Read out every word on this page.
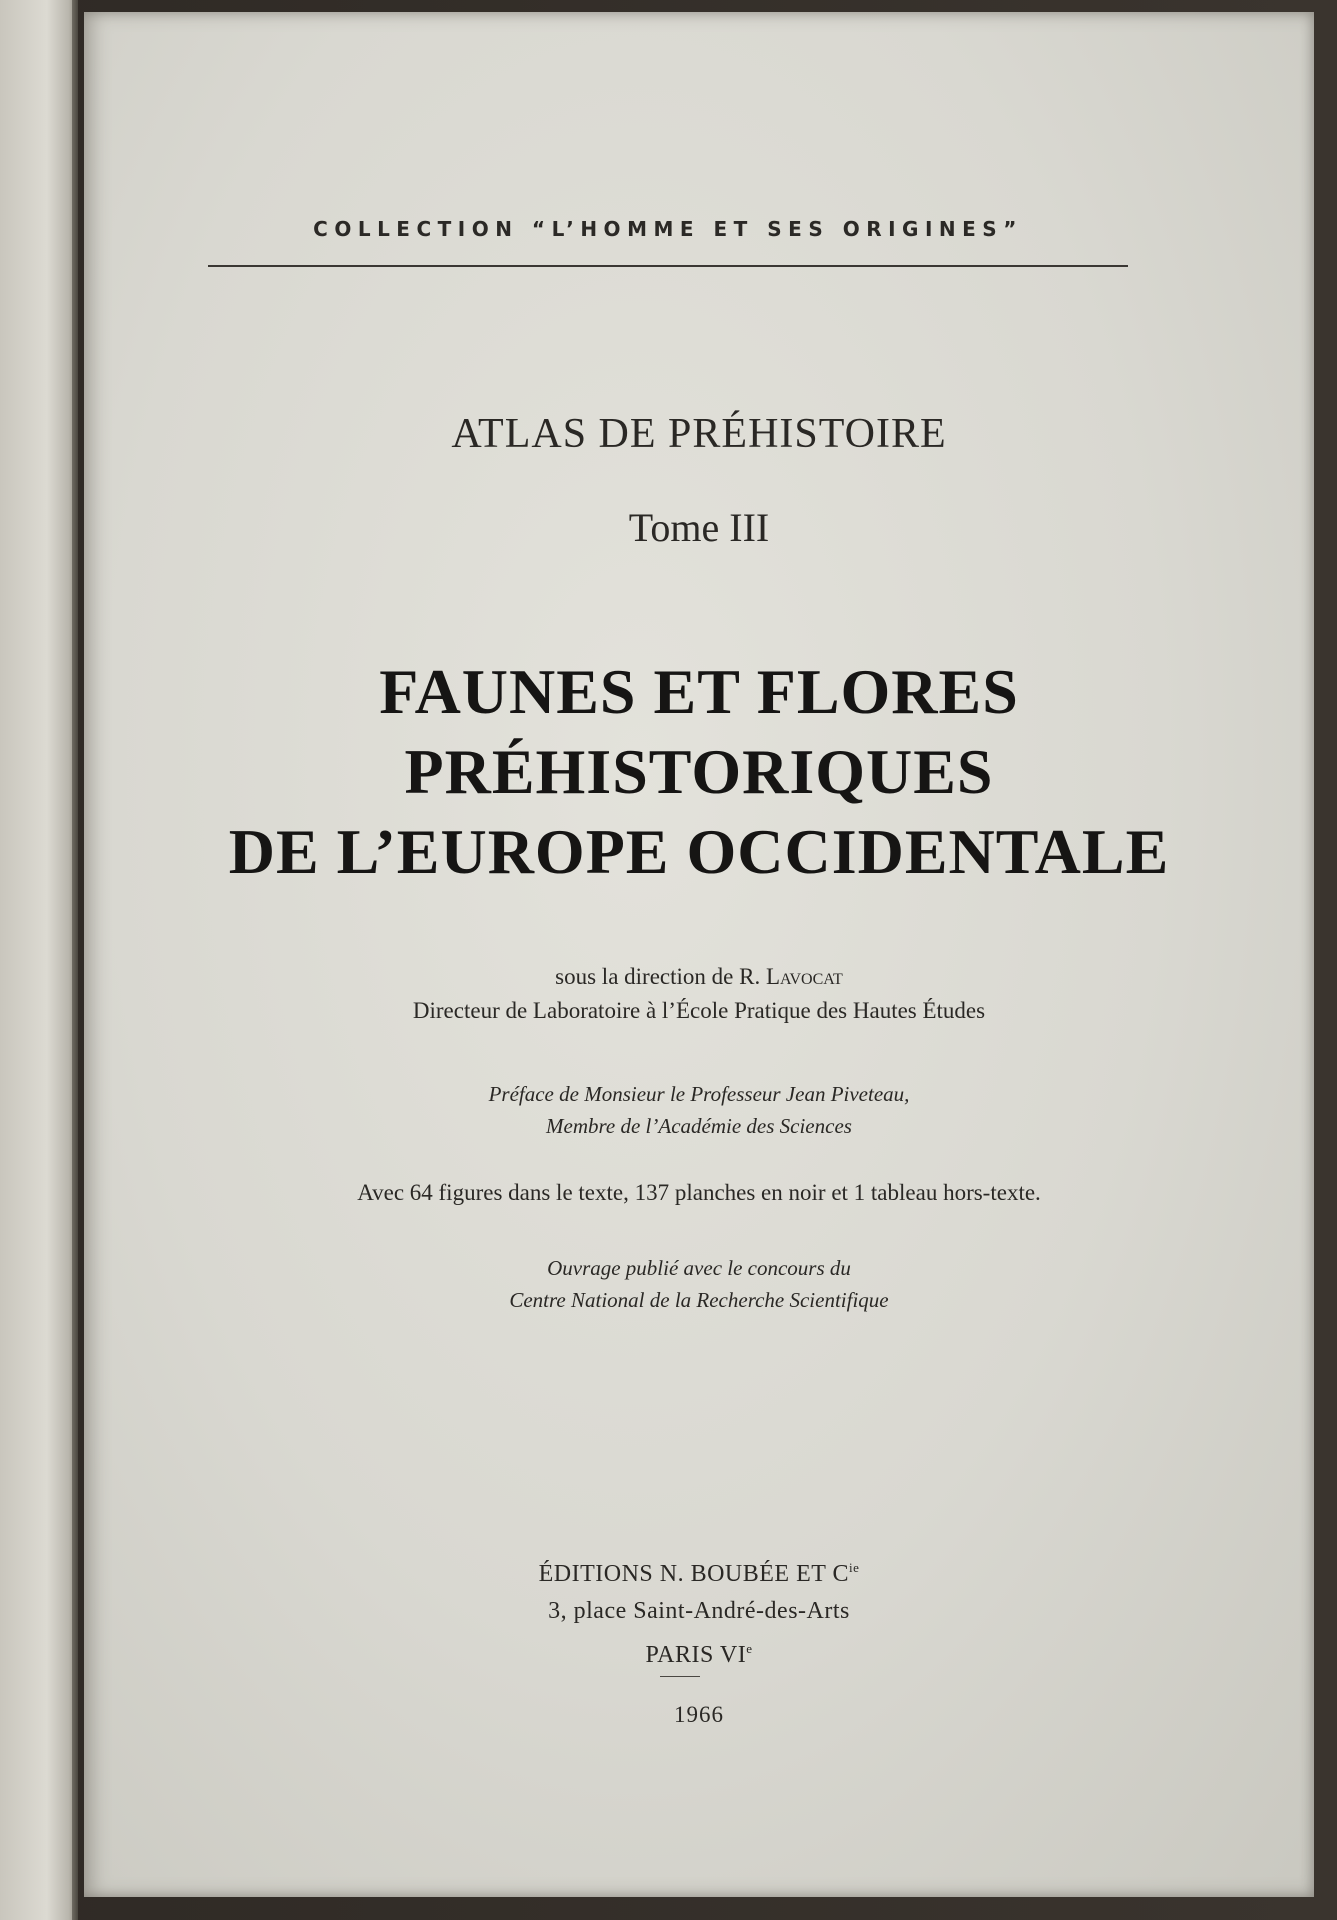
COLLECTION “L’HOMME ET SES ORIGINES”
ATLAS DE PRÉHISTOIRE
Tome III
FAUNES ET FLORES
PRÉHISTORIQUES
DE L’EUROPE OCCIDENTALE
sous la direction de R. Lavocat
Directeur de Laboratoire à l’École Pratique des Hautes Études
Préface de Monsieur le Professeur Jean Piveteau,
Membre de l’Académie des Sciences
Avec 64 figures dans le texte, 137 planches en noir et 1 tableau hors-texte.
Ouvrage publié avec le concours du
Centre National de la Recherche Scientifique
ÉDITIONS N. BOUBÉE ET $C^{ie}$
3, place Saint-André-des-Arts
PARIS VIe
1966
